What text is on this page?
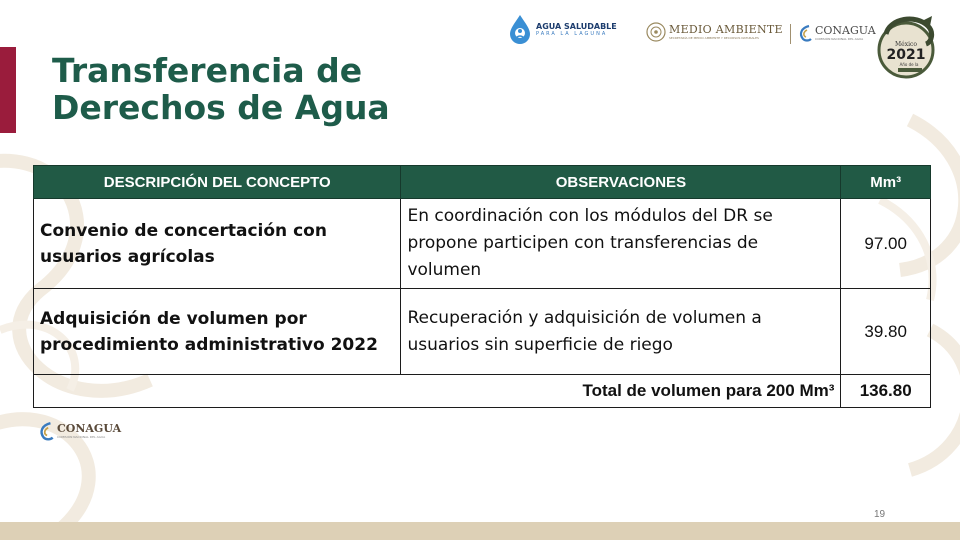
Transferencia de
Derechos de Agua
AGUA SALUDABLE
PARA LA LAGUNA	MEDIO AMBIENTE
SECRETARÍA DE MEDIO AMBIENTE Y RECURSOS NATURALES
CONAGUA
COMISIÓN NACIONAL DEL AGUA
México
2021
Año de la
DESCRIPCIÓN DEL CONCEPTO	OBSERVACIONES	Mm³
Convenio de concertación con usuarios agrícolas	En coordinación con los módulos del DR se propone participen con transferencias de volumen	97.00
Adquisición de volumen por procedimiento administrativo 2022	Recuperación y adquisición de volumen a usuarios sin superficie de riego	39.80
Total de volumen para 200 Mm³		136.80
CONAGUA
COMISIÓN NACIONAL DEL AGUA
19
